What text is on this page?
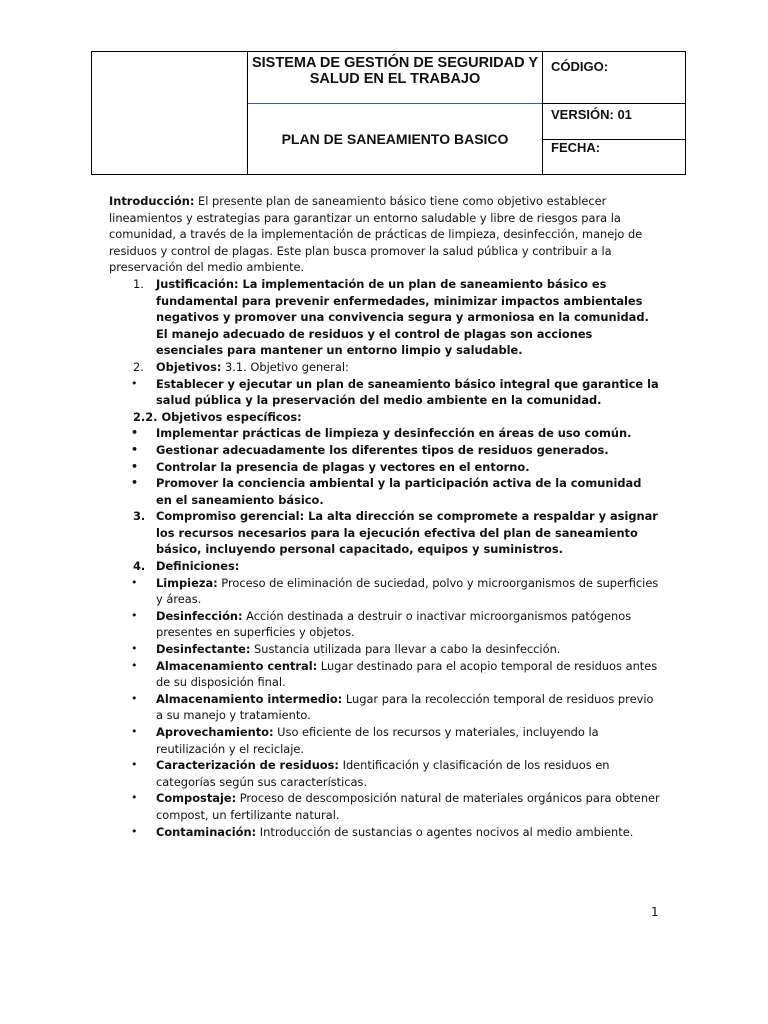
SISTEMA DE GESTIÓN DE SEGURIDAD Y SALUD EN EL TRABAJO
PLAN DE SANEAMIENTO BASICO
CÓDIGO:
VERSIÓN: 01
FECHA:

Introducción: El presente plan de saneamiento básico tiene como objetivo establecer lineamientos y estrategias para garantizar un entorno saludable y libre de riesgos para la comunidad, a través de la implementación de prácticas de limpieza, desinfección, manejo de residuos y control de plagas. Este plan busca promover la salud pública y contribuir a la preservación del medio ambiente.

1. Justificación: La implementación de un plan de saneamiento básico es fundamental para prevenir enfermedades, minimizar impactos ambientales negativos y promover una convivencia segura y armoniosa en la comunidad. El manejo adecuado de residuos y el control de plagas son acciones esenciales para mantener un entorno limpio y saludable.

2. Objetivos: 3.1. Objetivo general:

• Establecer y ejecutar un plan de saneamiento básico integral que garantice la salud pública y la preservación del medio ambiente en la comunidad.

2.2. Objetivos específicos:

• Implementar prácticas de limpieza y desinfección en áreas de uso común.

• Gestionar adecuadamente los diferentes tipos de residuos generados.

• Controlar la presencia de plagas y vectores en el entorno.

• Promover la conciencia ambiental y la participación activa de la comunidad en el saneamiento básico.

3. Compromiso gerencial: La alta dirección se compromete a respaldar y asignar los recursos necesarios para la ejecución efectiva del plan de saneamiento básico, incluyendo personal capacitado, equipos y suministros.

4. Definiciones:

• Limpieza: Proceso de eliminación de suciedad, polvo y microorganismos de superficies y áreas.

• Desinfección: Acción destinada a destruir o inactivar microorganismos patógenos presentes en superficies y objetos.

• Desinfectante: Sustancia utilizada para llevar a cabo la desinfección.

• Almacenamiento central: Lugar destinado para el acopio temporal de residuos antes de su disposición final.

• Almacenamiento intermedio: Lugar para la recolección temporal de residuos previo a su manejo y tratamiento.

• Aprovechamiento: Uso eficiente de los recursos y materiales, incluyendo la reutilización y el reciclaje.

• Caracterización de residuos: Identificación y clasificación de los residuos en categorías según sus características.

• Compostaje: Proceso de descomposición natural de materiales orgánicos para obtener compost, un fertilizante natural.

• Contaminación: Introducción de sustancias o agentes nocivos al medio ambiente.

1
